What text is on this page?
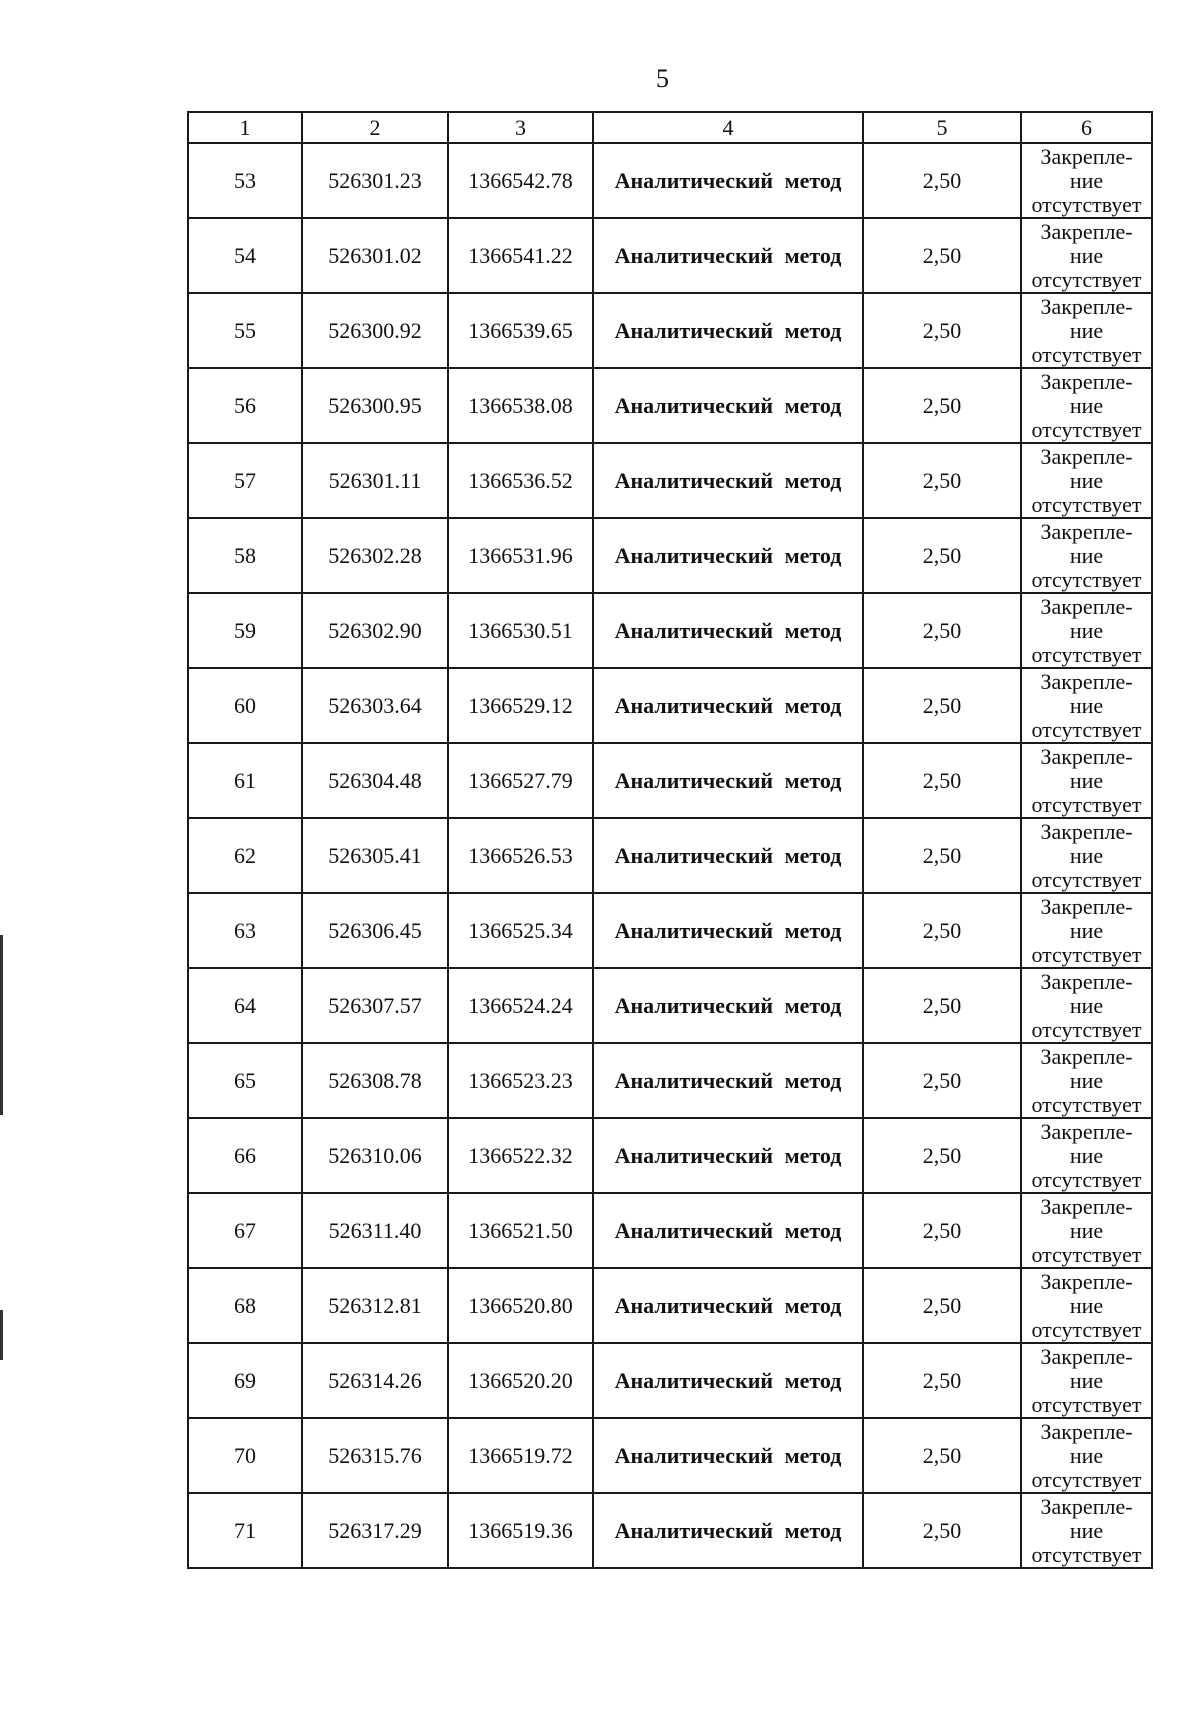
5
1	2	3	4	5	6
53	526301.23	1366542.78	Аналитический метод	2,50	Закрепле-
ние
отсутствует

54	526301.02	1366541.22	Аналитический метод	2,50	Закрепле-
ние
отсутствует

55	526300.92	1366539.65	Аналитический метод	2,50	Закрепле-
ние
отсутствует

56	526300.95	1366538.08	Аналитический метод	2,50	Закрепле-
ние
отсутствует

57	526301.11	1366536.52	Аналитический метод	2,50	Закрепле-
ние
отсутствует

58	526302.28	1366531.96	Аналитический метод	2,50	Закрепле-
ние
отсутствует

59	526302.90	1366530.51	Аналитический метод	2,50	Закрепле-
ние
отсутствует

60	526303.64	1366529.12	Аналитический метод	2,50	Закрепле-
ние
отсутствует

61	526304.48	1366527.79	Аналитический метод	2,50	Закрепле-
ние
отсутствует

62	526305.41	1366526.53	Аналитический метод	2,50	Закрепле-
ние
отсутствует

63	526306.45	1366525.34	Аналитический метод	2,50	Закрепле-
ние
отсутствует

64	526307.57	1366524.24	Аналитический метод	2,50	Закрепле-
ние
отсутствует

65	526308.78	1366523.23	Аналитический метод	2,50	Закрепле-
ние
отсутствует

66	526310.06	1366522.32	Аналитический метод	2,50	Закрепле-
ние
отсутствует

67	526311.40	1366521.50	Аналитический метод	2,50	Закрепле-
ние
отсутствует

68	526312.81	1366520.80	Аналитический метод	2,50	Закрепле-
ние
отсутствует

69	526314.26	1366520.20	Аналитический метод	2,50	Закрепле-
ние
отсутствует

70	526315.76	1366519.72	Аналитический метод	2,50	Закрепле-
ние
отсутствует

71	526317.29	1366519.36	Аналитический метод	2,50	Закрепле-
ние
отсутствует
